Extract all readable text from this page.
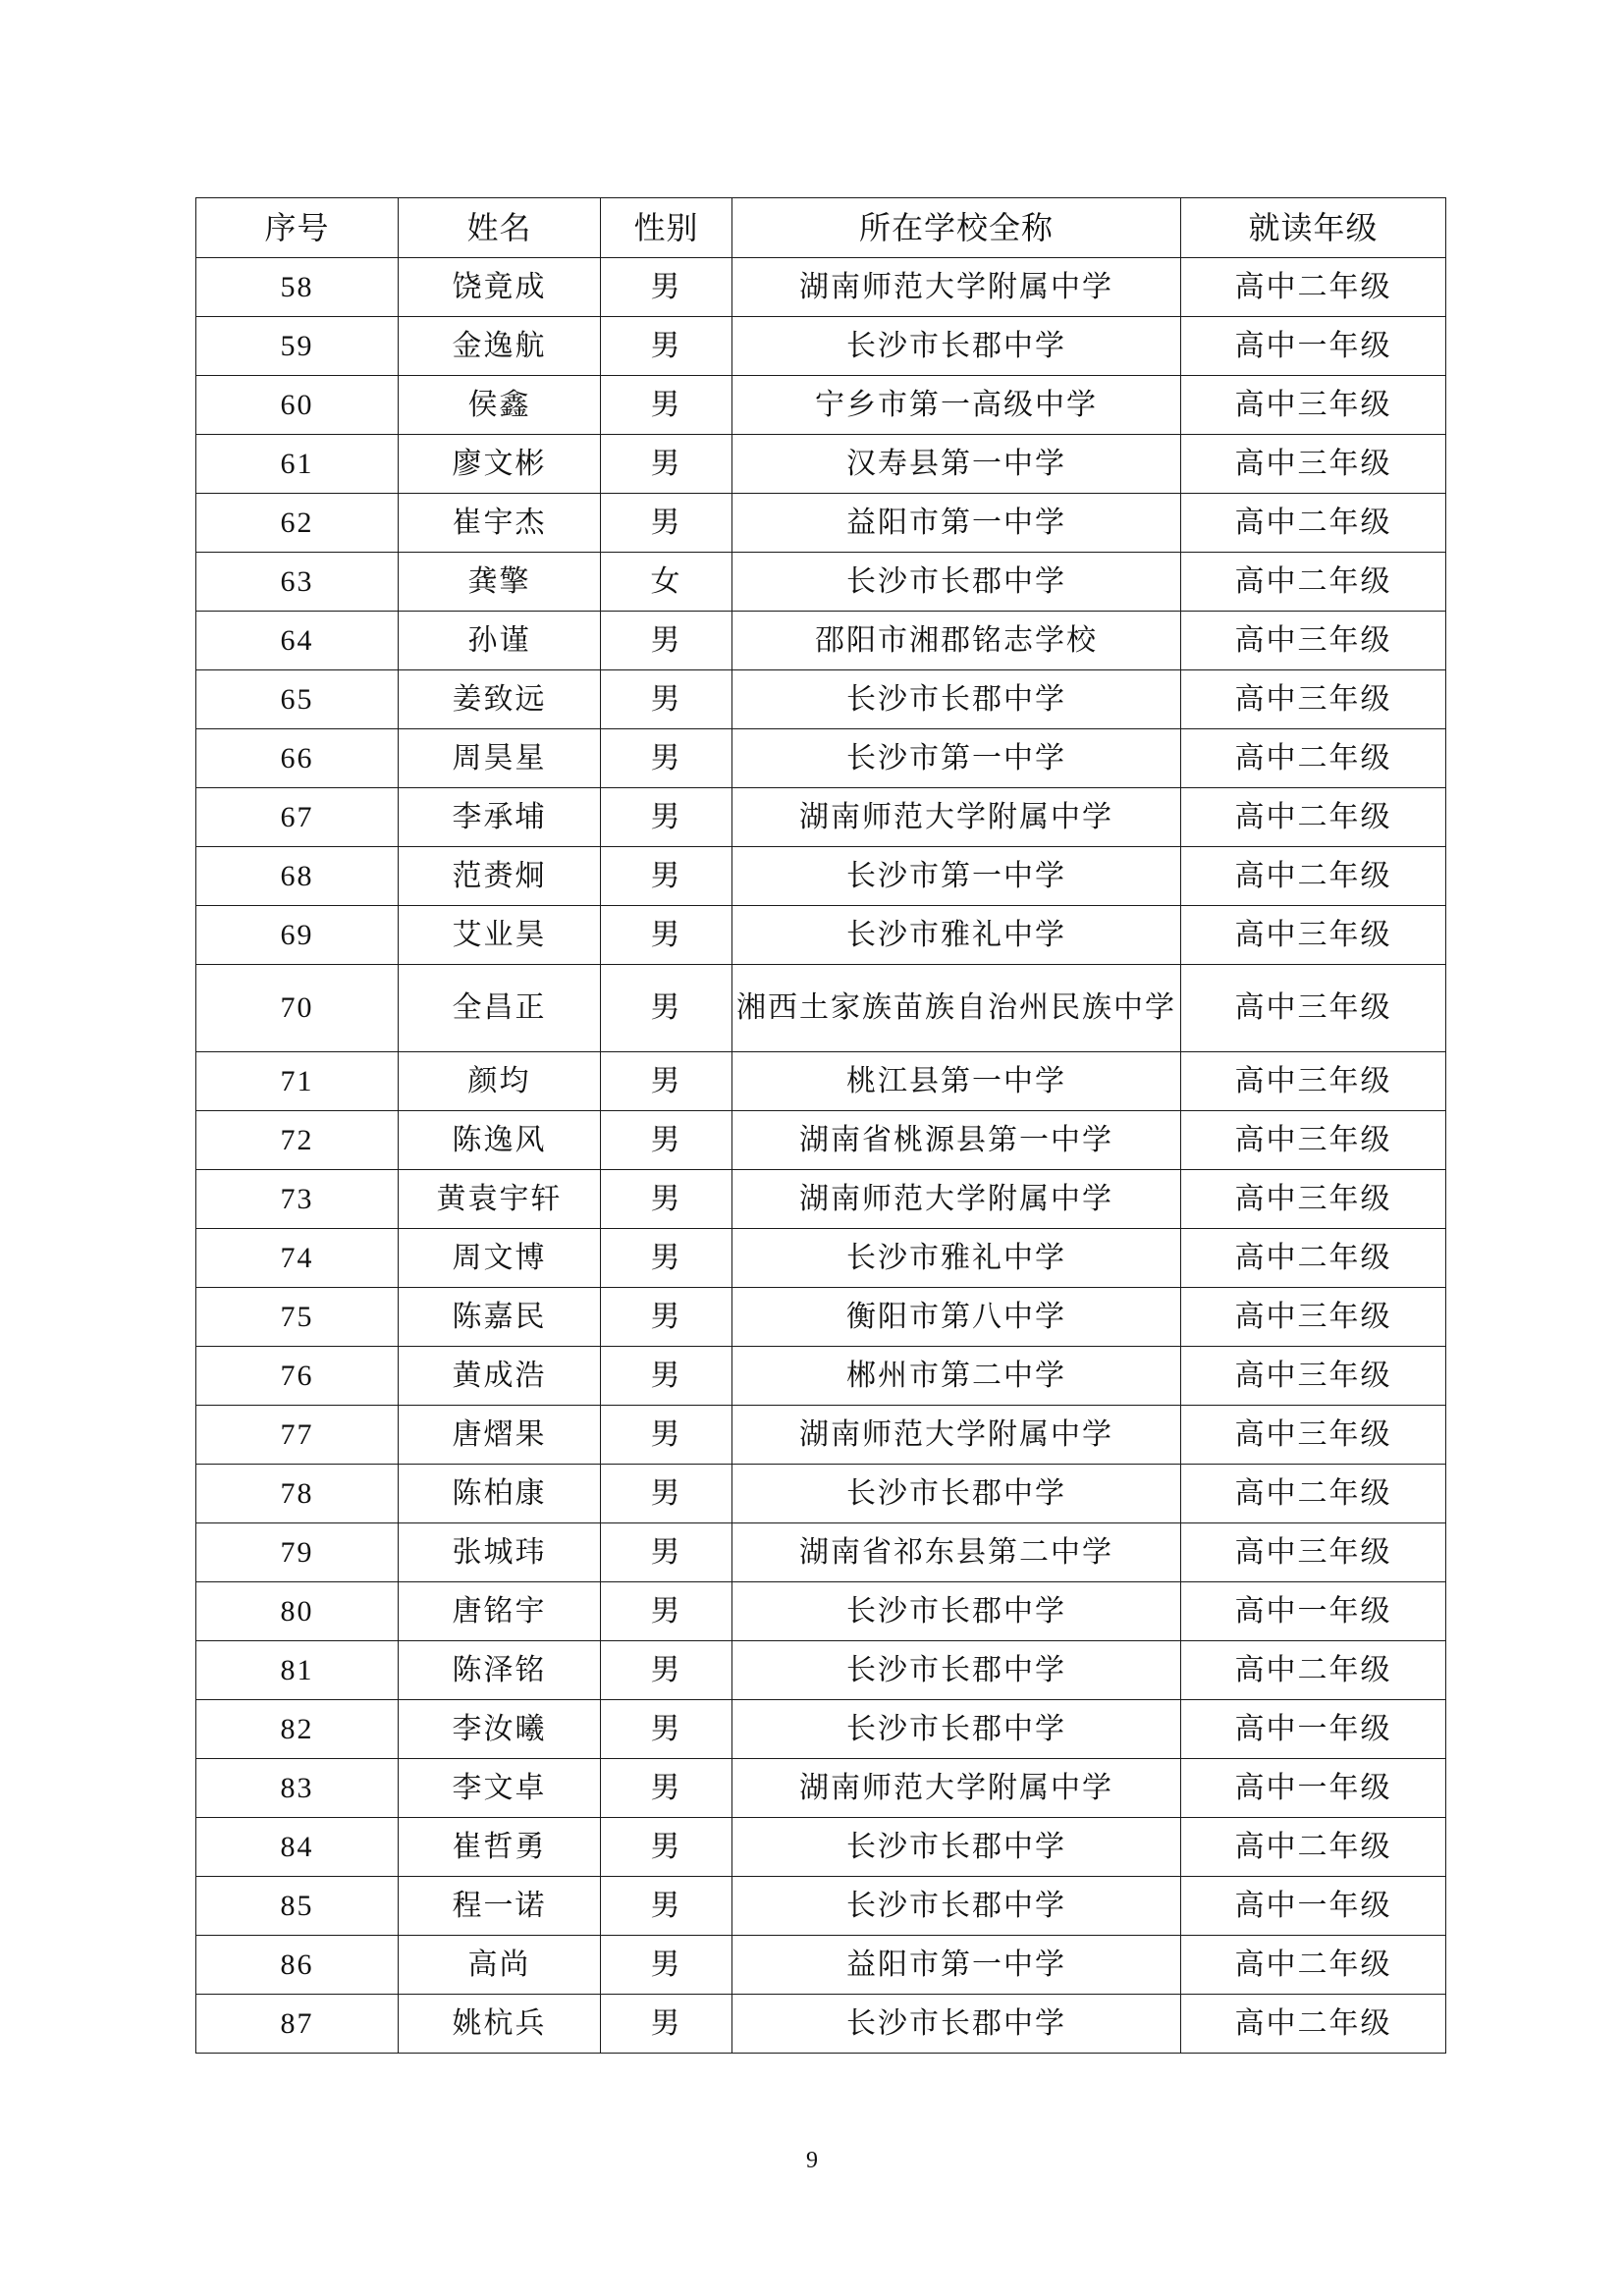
序号	姓名	性别	所在学校全称	就读年级
58	饶竟成	男	湖南师范大学附属中学	高中二年级
59	金逸航	男	长沙市长郡中学	高中一年级
60	侯鑫	男	宁乡市第一高级中学	高中三年级
61	廖文彬	男	汉寿县第一中学	高中三年级
62	崔宇杰	男	益阳市第一中学	高中二年级
63	龚擎	女	长沙市长郡中学	高中二年级
64	孙谨	男	邵阳市湘郡铭志学校	高中三年级
65	姜致远	男	长沙市长郡中学	高中三年级
66	周昊星	男	长沙市第一中学	高中二年级
67	李承埔	男	湖南师范大学附属中学	高中二年级
68	范赉炯	男	长沙市第一中学	高中二年级
69	艾业昊	男	长沙市雅礼中学	高中三年级
70	全昌正	男	湘西土家族苗族自治州民族中学	高中三年级
71	颜均	男	桃江县第一中学	高中三年级
72	陈逸风	男	湖南省桃源县第一中学	高中三年级
73	黄袁宇轩	男	湖南师范大学附属中学	高中三年级
74	周文博	男	长沙市雅礼中学	高中二年级
75	陈嘉民	男	衡阳市第八中学	高中三年级
76	黄成浩	男	郴州市第二中学	高中三年级
77	唐熠果	男	湖南师范大学附属中学	高中三年级
78	陈柏康	男	长沙市长郡中学	高中二年级
79	张城玮	男	湖南省祁东县第二中学	高中三年级
80	唐铭宇	男	长沙市长郡中学	高中一年级
81	陈泽铭	男	长沙市长郡中学	高中二年级
82	李汝曦	男	长沙市长郡中学	高中一年级
83	李文卓	男	湖南师范大学附属中学	高中一年级
84	崔哲勇	男	长沙市长郡中学	高中二年级
85	程一诺	男	长沙市长郡中学	高中一年级
86	高尚	男	益阳市第一中学	高中二年级
87	姚杭兵	男	长沙市长郡中学	高中二年级
9
